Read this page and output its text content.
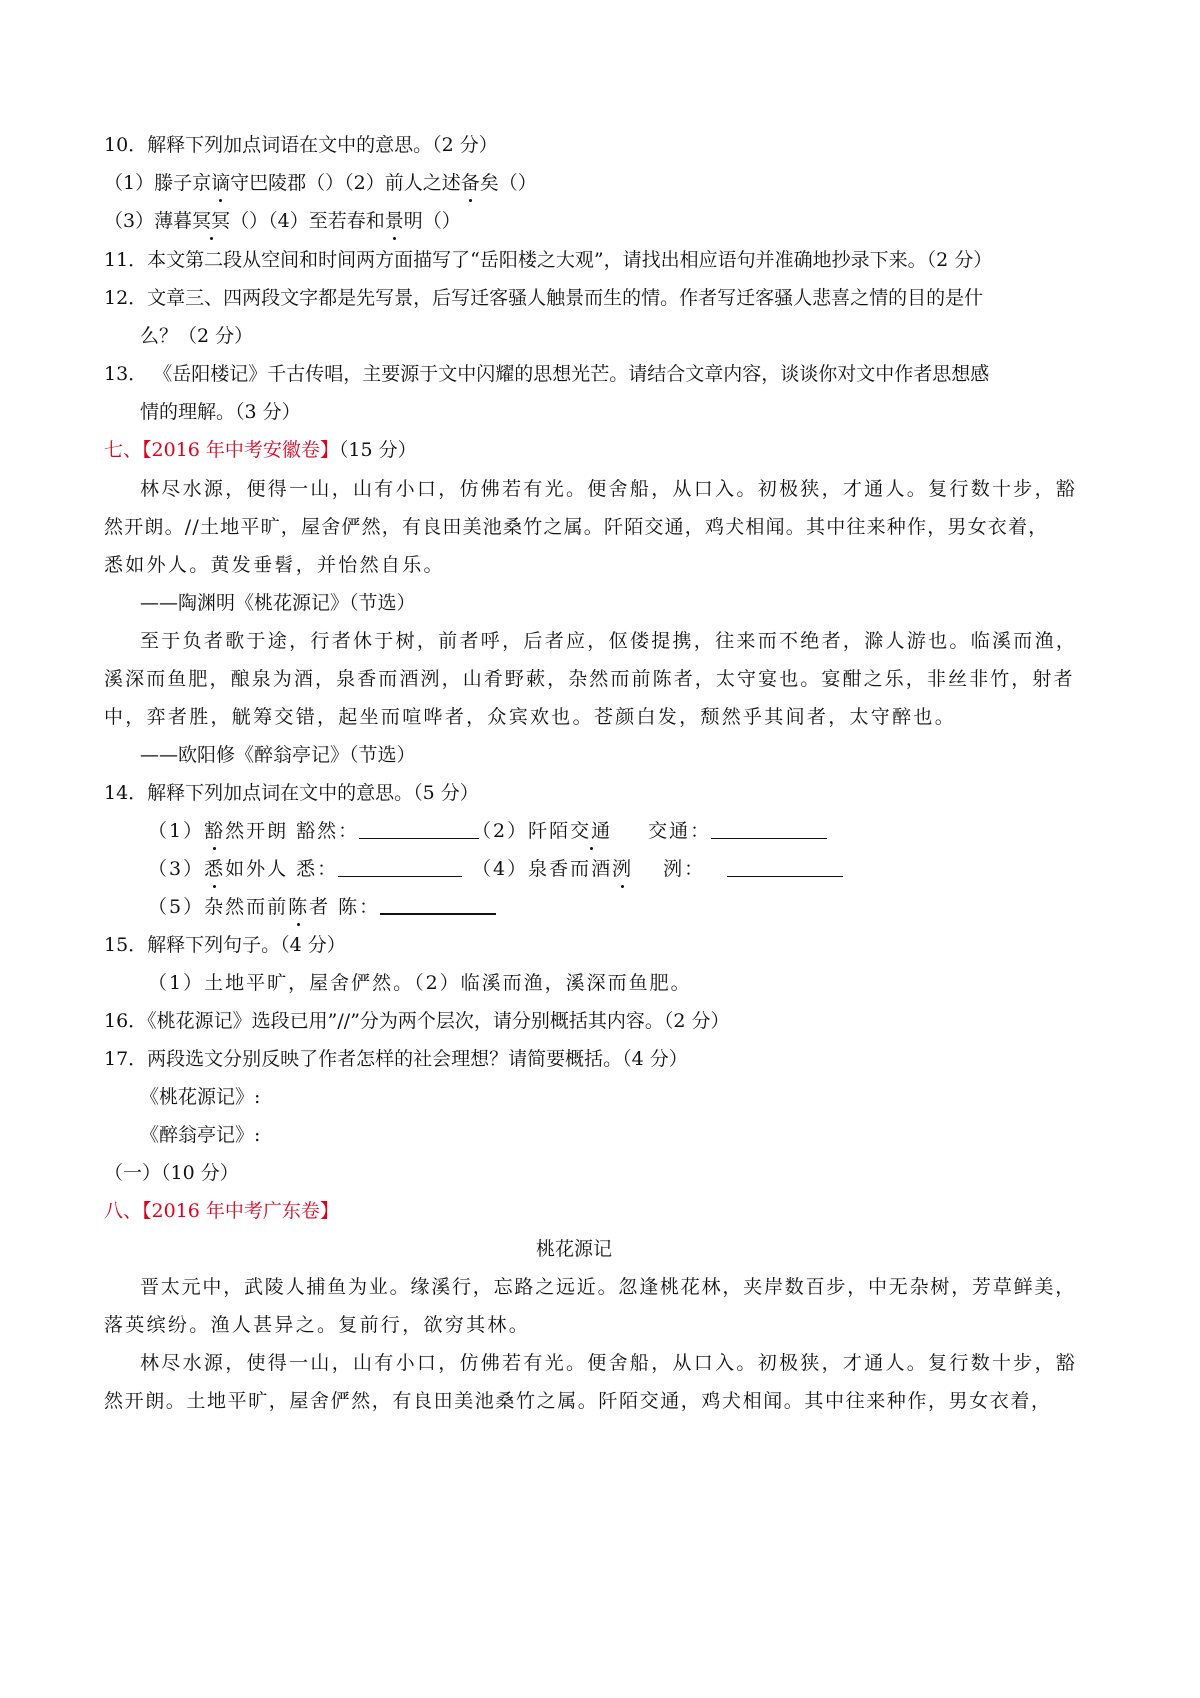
10．解释下列加点词语在文中的意思。（2 分）
（1）滕子京谪守巴陵郡（）（2）前人之述备矣（）
（3）薄暮冥冥（）（4）至若春和景明（）
11．本文第二段从空间和时间两方面描写了“岳阳楼之大观”，请找出相应语句并准确地抄录下来。（2 分）
12．文章三、四两段文字都是先写景，后写迁客骚人触景而生的情。作者写迁客骚人悲喜之情的目的是什
么？（2 分）
13． 《岳阳楼记》千古传唱，主要源于文中闪耀的思想光芒。请结合文章内容，谈谈你对文中作者思想感
情的理解。（3 分）
七、【2016 年中考安徽卷】（15 分）
林尽水源，便得一山，山有小口，仿佛若有光。便舍船，从口入。初极狭，才通人。复行数十步，豁
然开朗。//土地平旷，屋舍俨然，有良田美池桑竹之属。阡陌交通，鸡犬相闻。其中往来种作，男女衣着，
悉如外人。黄发垂髫，并怡然自乐。
——陶渊明《桃花源记》（节选）
至于负者歌于途，行者休于树，前者呼，后者应，伛偻提携，往来而不绝者，滁人游也。临溪而渔，
溪深而鱼肥，酿泉为酒，泉香而酒洌，山肴野蔌，杂然而前陈者，太守宴也。宴酣之乐，非丝非竹，射者
中，弈者胜，觥筹交错，起坐而喧哗者，众宾欢也。苍颜白发，颓然乎其间者，太守醉也。
——欧阳修《醉翁亭记》（节选）
14．解释下列加点词在文中的意思。（5 分）
（1）豁然开朗 豁然：	（2）阡陌交通 交通：
（3）悉如外人 悉：	（4）泉香而酒洌 洌：
（5）杂然而前陈者 陈：
15．解释下列句子。（4 分）
（1）土地平旷，屋舍俨然。（2）临溪而渔，溪深而鱼肥。
16．《桃花源记》选段已用”//”分为两个层次，请分别概括其内容。（2 分）
17．两段选文分别反映了作者怎样的社会理想？请简要概括。（4 分）
《桃花源记》:
《醉翁亭记》:
（一）（10 分）
八、【2016 年中考广东卷】
桃花源记
晋太元中，武陵人捕鱼为业。缘溪行，忘路之远近。忽逢桃花林，夹岸数百步，中无杂树，芳草鲜美，
落英缤纷。渔人甚异之。复前行，欲穷其林。
林尽水源，使得一山，山有小口，仿佛若有光。便舍船，从口入。初极狭，才通人。复行数十步，豁
然开朗。土地平旷，屋舍俨然，有良田美池桑竹之属。阡陌交通，鸡犬相闻。其中往来种作，男女衣着，
